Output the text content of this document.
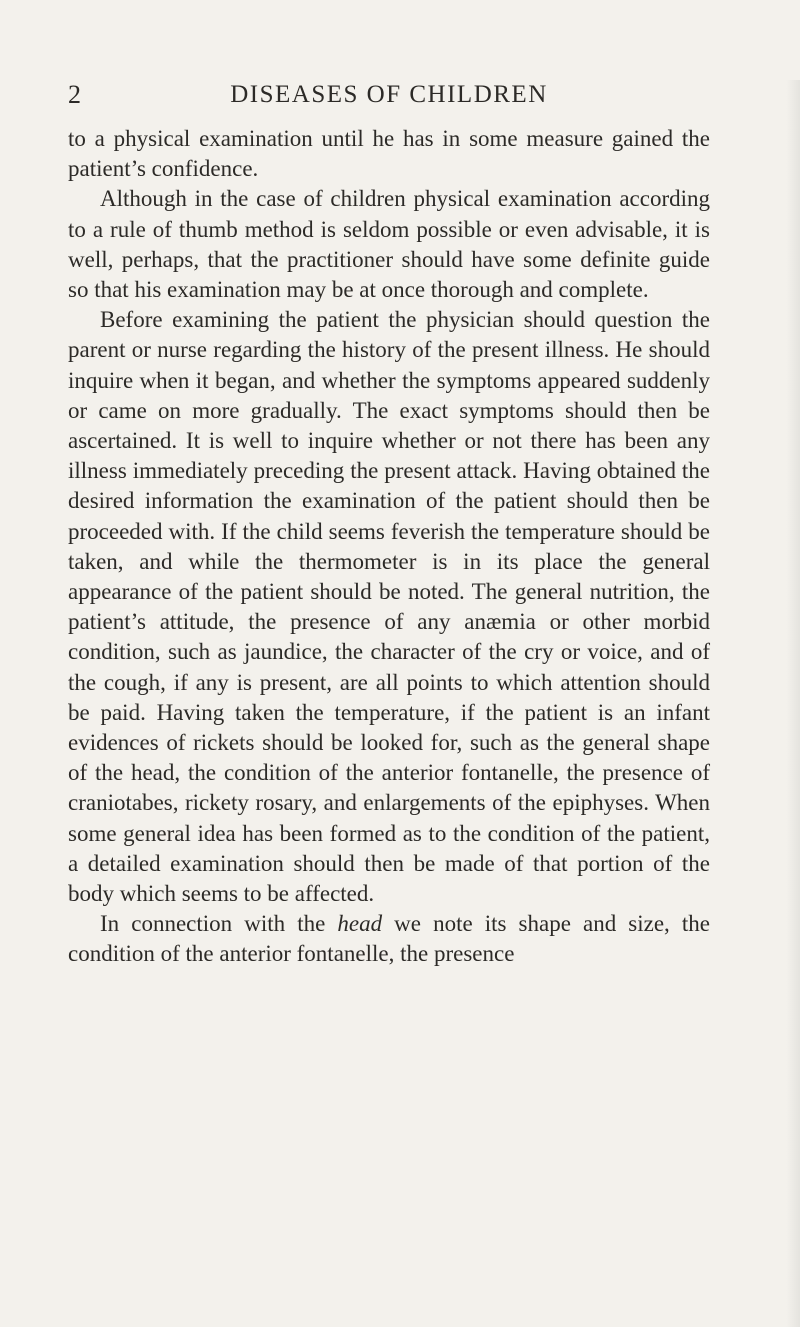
2	DISEASES OF CHILDREN

to a physical examination until he has in some measure gained the patient’s confidence.

Although in the case of children physical examination according to a rule of thumb method is seldom possible or even advisable, it is well, perhaps, that the practitioner should have some definite guide so that his examination may be at once thorough and complete.

Before examining the patient the physician should question the parent or nurse regarding the history of the present illness. He should inquire when it began, and whether the symptoms appeared suddenly or came on more gradually. The exact symptoms should then be ascertained. It is well to inquire whether or not there has been any illness immediately preceding the present attack. Having obtained the desired information the examination of the patient should then be proceeded with. If the child seems feverish the temperature should be taken, and while the thermometer is in its place the general appearance of the patient should be noted. The general nutrition, the patient’s attitude, the presence of any anæmia or other morbid condition, such as jaundice, the character of the cry or voice, and of the cough, if any is present, are all points to which attention should be paid. Having taken the temperature, if the patient is an infant evidences of rickets should be looked for, such as the general shape of the head, the condition of the anterior fontanelle, the presence of craniotabes, rickety rosary, and enlargements of the epiphyses. When some general idea has been formed as to the condition of the patient, a detailed examination should then be made of that portion of the body which seems to be affected.

In connection with the head we note its shape and size, the condition of the anterior fontanelle, the presence
